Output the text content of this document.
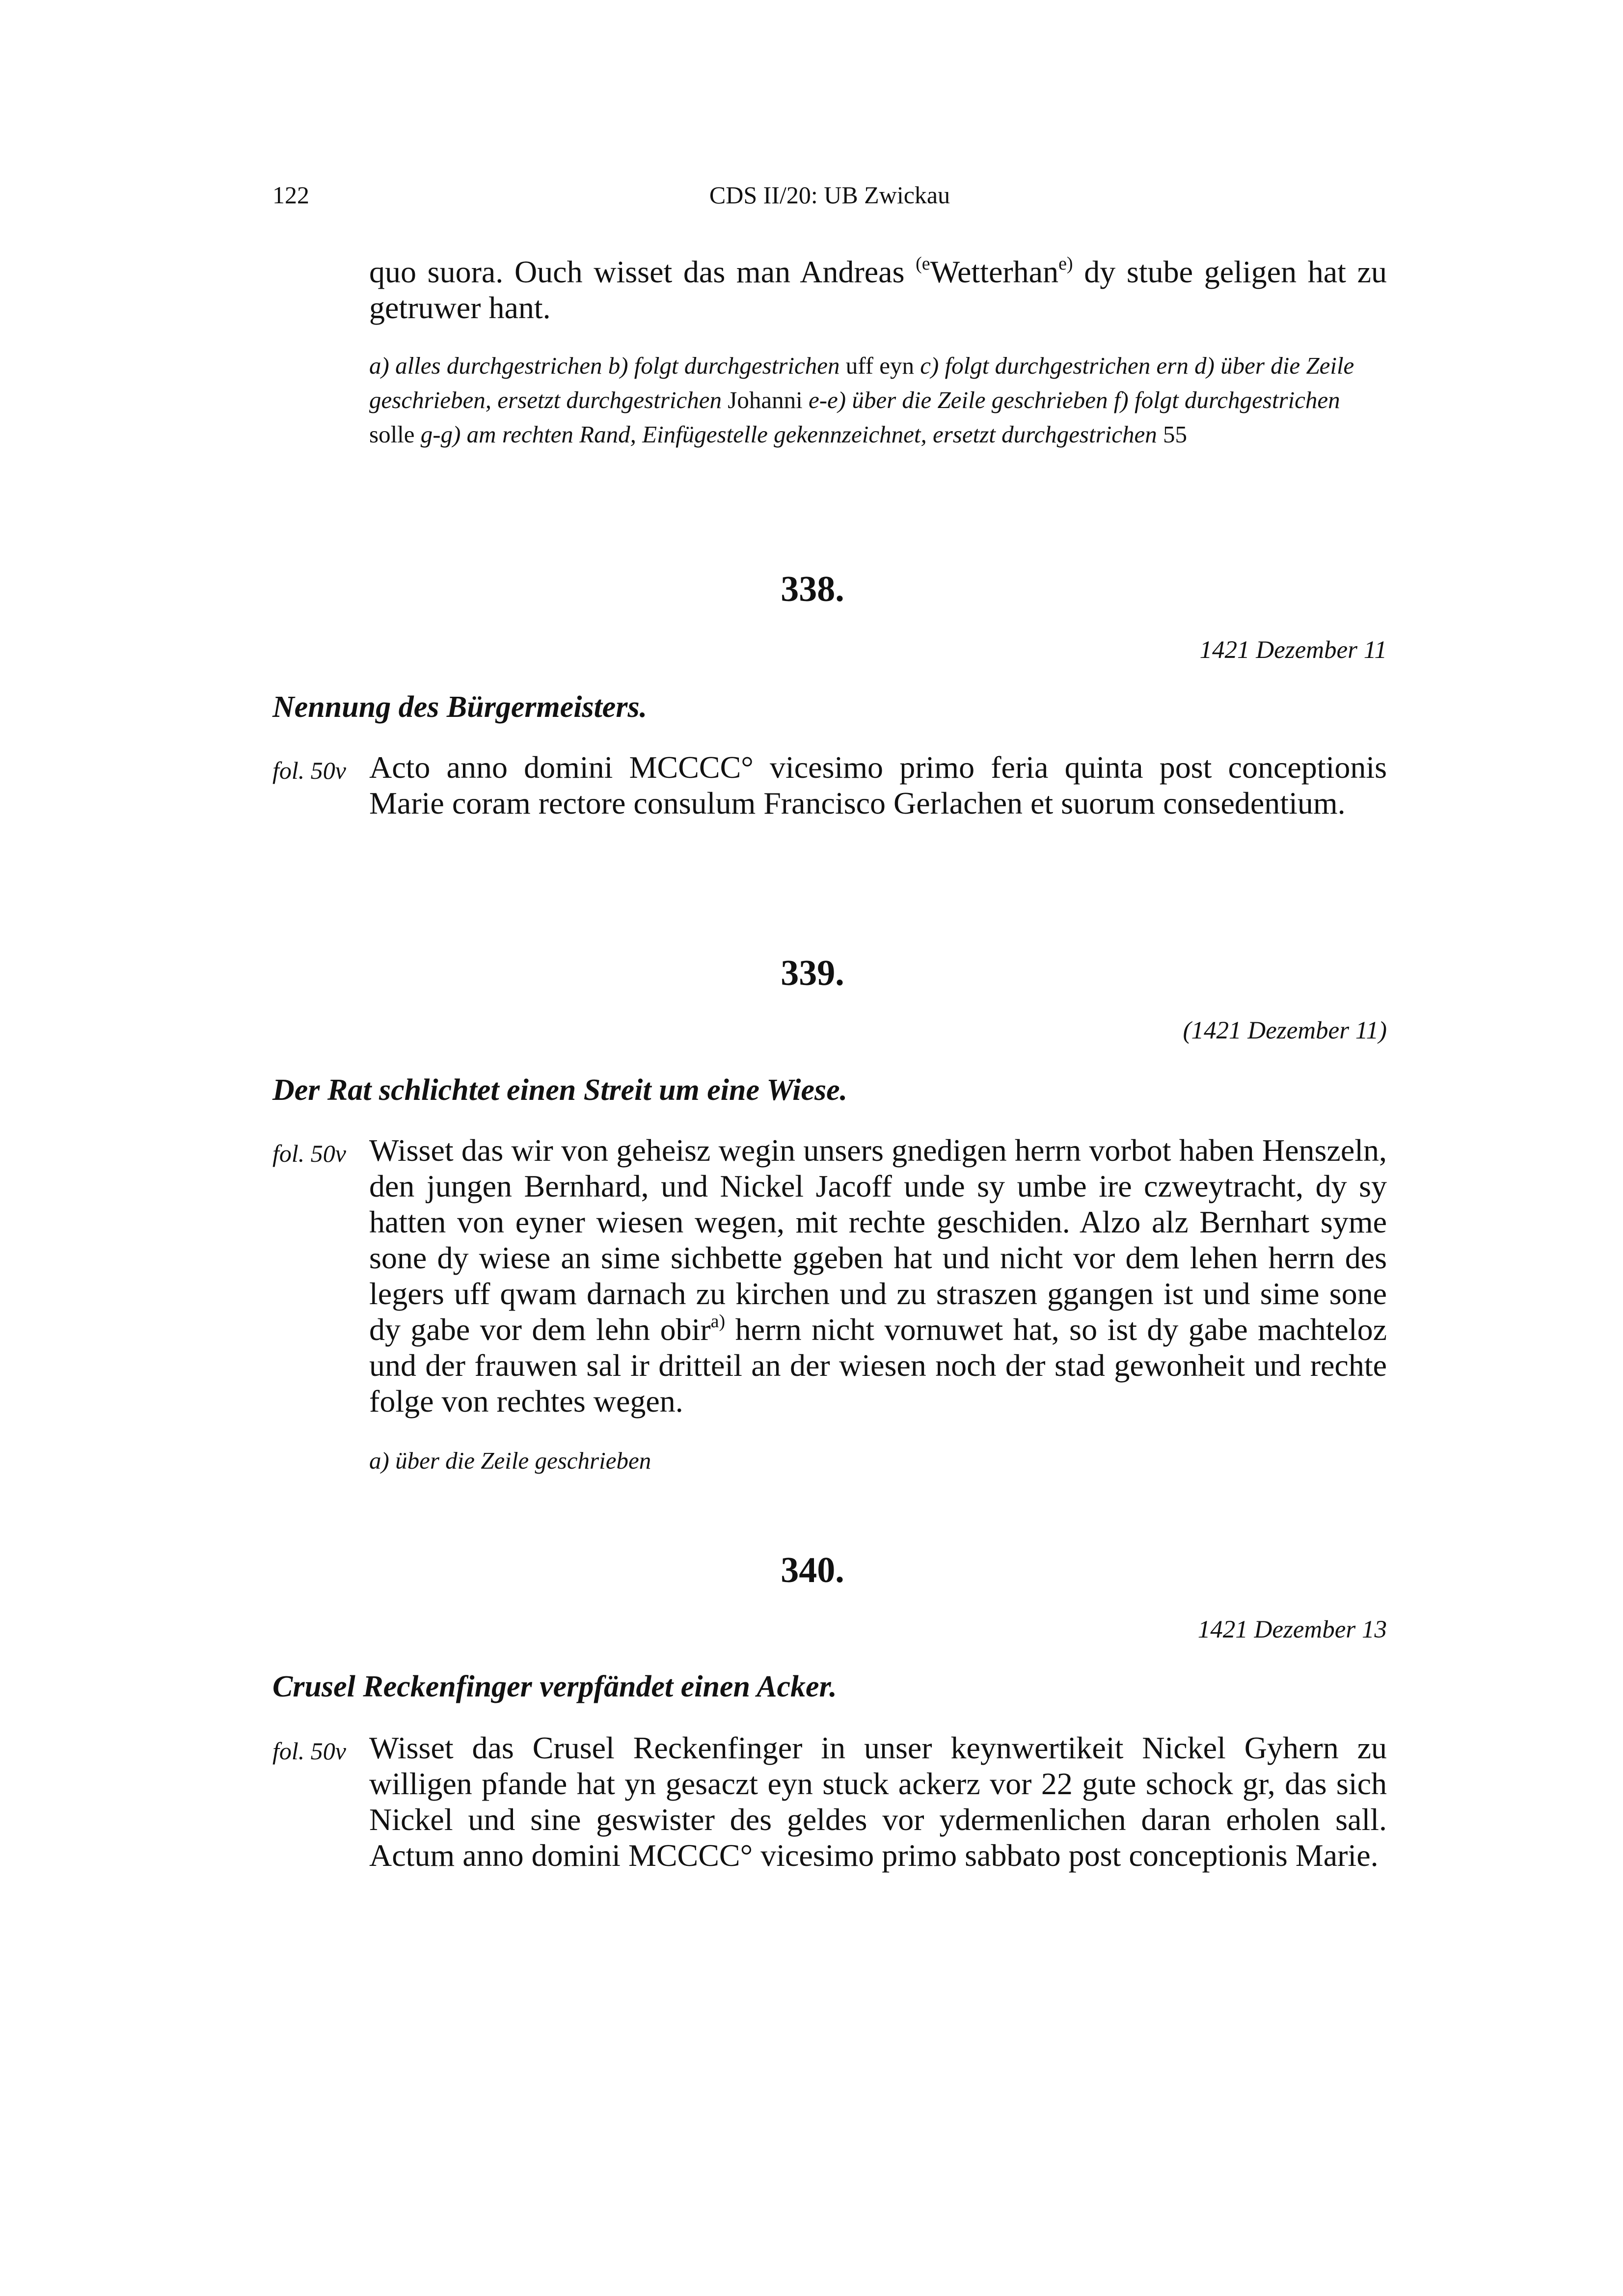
122	CDS II/20: UB Zwickau
quo suora. Ouch wisset das man Andreas $^{(e}$Wetterhan$^{e)}$ dy stube geligen hat zu getruwer hant.
a) alles durchgestrichen b) folgt durchgestrichen uff eyn c) folgt durchgestrichen ern d) über die Zeile geschrieben, ersetzt durchgestrichen Johanni e-e) über die Zeile geschrieben f) folgt durchgestrichen solle g-g) am rechten Rand, Einfügestelle gekennzeichnet, ersetzt durchgestrichen 55
338.
1421 Dezember 11
Nennung des Bürgermeisters.
fol. 50v Acto anno domini MCCCC° vicesimo primo feria quinta post conceptionis Marie coram rectore consulum Francisco Gerlachen et suorum consedentium.
339.
(1421 Dezember 11)
Der Rat schlichtet einen Streit um eine Wiese.
fol. 50v Wisset das wir von geheisz wegin unsers gnedigen herrn vorbot haben Henszeln, den jungen Bernhard, und Nickel Jacoff unde sy umbe ire czweytracht, dy sy hatten von eyner wiesen wegen, mit rechte geschiden. Alzo alz Bernhart syme sone dy wiese an sime sichbette ggeben hat und nicht vor dem lehen herrn des legers uff qwam darnach zu kirchen und zu straszen ggangen ist und sime sone dy gabe vor dem lehn obir$^{a)}$ herrn nicht vornuwet hat, so ist dy gabe machteloz und der frauwen sal ir dritteil an der wiesen noch der stad gewonheit und rechte folge von rechtes wegen.
a) über die Zeile geschrieben
340.
1421 Dezember 13
Crusel Reckenfinger verpfändet einen Acker.
fol. 50v Wisset das Crusel Reckenfinger in unser keynwertikeit Nickel Gyhern zu willigen pfande hat yn gesaczt eyn stuck ackerz vor 22 gute schock gr, das sich Nickel und sine geswister des geldes vor ydermenlichen daran erholen sall. Actum anno domini MCCCC° vicesimo primo sabbato post conceptionis Marie.
